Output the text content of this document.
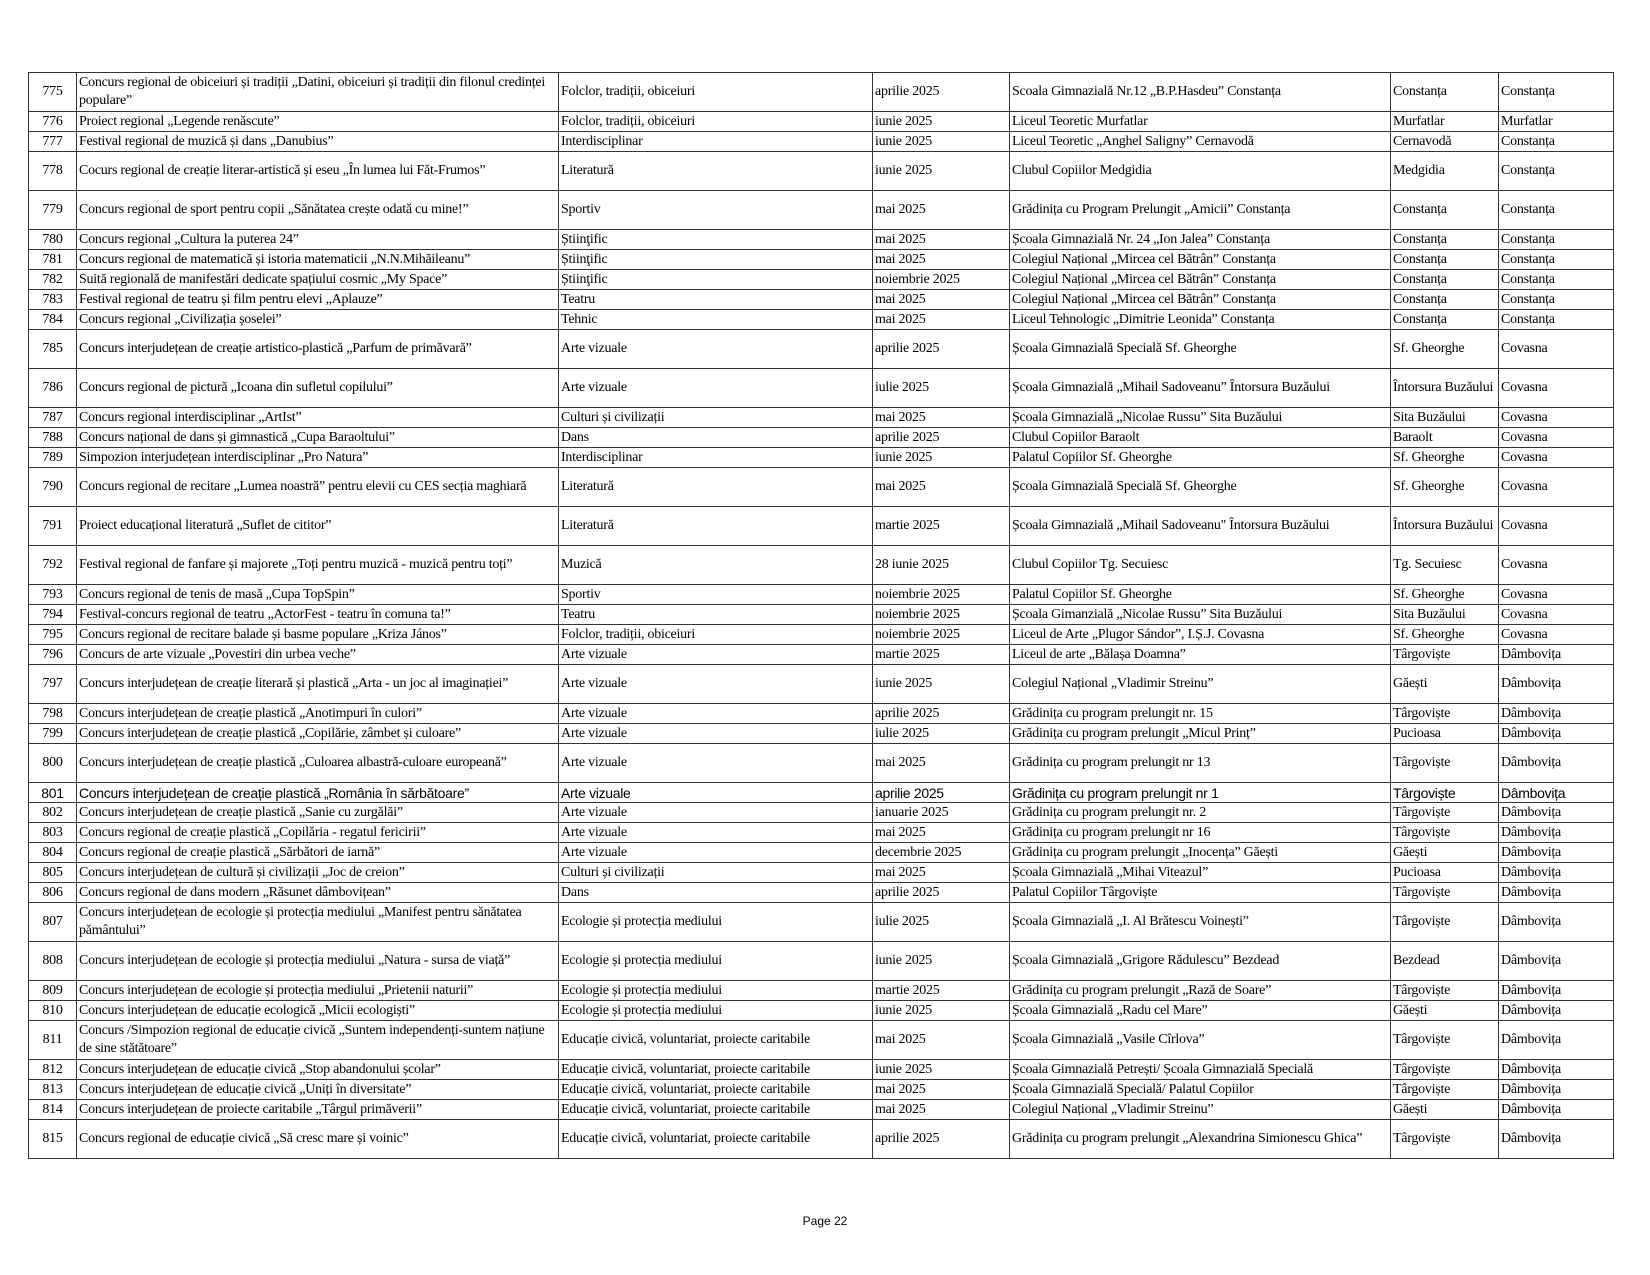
775	Concurs regional de obiceiuri și tradiții „Datini, obiceiuri și tradiții din filonul credinței populare”	Folclor, tradiții, obiceiuri	aprilie 2025	Scoala Gimnazială Nr.12 „B.P.Hasdeu” Constanța	Constanța	Constanța
776	Proiect regional „Legende renăscute”	Folclor, tradiții, obiceiuri	iunie 2025	Liceul Teoretic Murfatlar	Murfatlar	Murfatlar
777	Festival regional de muzică și dans „Danubius”	Interdisciplinar	iunie 2025	Liceul Teoretic „Anghel Saligny” Cernavodă	Cernavodă	Constanța
778	Cocurs regional de creație literar-artistică și eseu „În lumea lui Făt-Frumos”	Literatură	iunie 2025	Clubul Copiilor Medgidia	Medgidia	Constanța
779	Concurs regional de sport pentru copii „Sănătatea crește odată cu mine!”	Sportiv	mai 2025	Grădinița cu Program Prelungit „Amicii” Constanța	Constanța	Constanța
780	Concurs regional „Cultura la puterea 24”	Știinţific	mai 2025	Școala Gimnazială Nr. 24 „Ion Jalea” Constanța	Constanța	Constanța
781	Concurs regional de matematică și istoria matematicii „N.N.Mihăileanu”	Știinţific	mai 2025	Colegiul Național „Mircea cel Bătrân” Constanța	Constanța	Constanța
782	Suită regională de manifestări dedicate spațiului cosmic „My Space”	Știinţific	noiembrie 2025	Colegiul Național „Mircea cel Bătrân” Constanța	Constanța	Constanța
783	Festival regional de teatru și film pentru elevi „Aplauze”	Teatru	mai 2025	Colegiul Național „Mircea cel Bătrân” Constanța	Constanța	Constanța
784	Concurs regional „Civilizația șoselei”	Tehnic	mai 2025	Liceul Tehnologic „Dimitrie Leonida” Constanța	Constanța	Constanța
785	Concurs interjudețean de creație artistico-plastică „Parfum de primăvară”	Arte vizuale	aprilie 2025	Școala Gimnazială Specială Sf. Gheorghe	Sf. Gheorghe	Covasna
786	Concurs regional de pictură „Icoana din sufletul copilului”	Arte vizuale	iulie 2025	Școala Gimnazială „Mihail Sadoveanu” Întorsura Buzăului	Întorsura Buzăului	Covasna
787	Concurs regional interdisciplinar „ArtIst”	Culturi și civilizații	mai 2025	Școala Gimnazială „Nicolae Russu” Sita Buzăului	Sita Buzăului	Covasna
788	Concurs național de dans și gimnastică „Cupa Baraoltului”	Dans	aprilie 2025	Clubul Copiilor Baraolt	Baraolt	Covasna
789	Simpozion interjudețean interdisciplinar „Pro Natura”	Interdisciplinar	iunie 2025	Palatul Copiilor Sf. Gheorghe	Sf. Gheorghe	Covasna
790	Concurs regional de recitare „Lumea noastră” pentru elevii cu CES secția maghiară	Literatură	mai 2025	Școala Gimnazială Specială Sf. Gheorghe	Sf. Gheorghe	Covasna
791	Proiect educațional literatură „Suflet de cititor”	Literatură	martie 2025	Școala Gimnazială „Mihail Sadoveanu" Întorsura Buzăului	Întorsura Buzăului	Covasna
792	Festival regional de fanfare și majorete „Toți pentru muzică - muzică pentru toți”	Muzică	28 iunie 2025	Clubul Copiilor Tg. Secuiesc	Tg. Secuiesc	Covasna
793	Concurs regional de tenis de masă „Cupa TopSpin”	Sportiv	noiembrie 2025	Palatul Copiilor Sf. Gheorghe	Sf. Gheorghe	Covasna
794	Festival-concurs regional de teatru „ActorFest - teatru în comuna ta!”	Teatru	noiembrie 2025	Școala Gimanzială „Nicolae Russu” Sita Buzăului	Sita Buzăului	Covasna
795	Concurs regional de recitare balade și basme populare „Kriza János”	Folclor, tradiții, obiceiuri	noiembrie 2025	Liceul de Arte „Plugor Sándor”, I.Ș.J. Covasna	Sf. Gheorghe	Covasna
796	Concurs de arte vizuale „Povestiri din urbea veche”	Arte vizuale	martie 2025	Liceul de arte „Bălașa Doamna”	Târgoviște	Dâmbovița
797	Concurs interjudețean de creație literară și plastică „Arta - un joc al imaginației”	Arte vizuale	iunie 2025	Colegiul Național „Vladimir Streinu”	Găești	Dâmbovița
798	Concurs interjudețean de creație plastică „Anotimpuri în culori”	Arte vizuale	aprilie 2025	Grădinița cu program prelungit nr. 15	Târgoviște	Dâmbovița
799	Concurs interjudețean de creație plastică „Copilărie, zâmbet și culoare”	Arte vizuale	iulie 2025	Grădinița cu program prelungit „Micul Prinț”	Pucioasa	Dâmbovița
800	Concurs interjudețean de creație plastică „Culoarea albastră-culoare europeană”	Arte vizuale	mai 2025	Grădinița cu program prelungit nr 13	Târgoviște	Dâmbovița
801	Concurs interjudețean de creație plastică „România în sărbătoare”	Arte vizuale	aprilie 2025	Grădinița cu program prelungit nr 1	Târgoviște	Dâmbovița
802	Concurs interjudețean de creație plastică „Sanie cu zurgălăi”	Arte vizuale	ianuarie 2025	Grădinița cu program prelungit nr. 2	Târgoviște	Dâmbovița
803	Concurs regional de creație plastică „Copilăria - regatul fericirii”	Arte vizuale	mai 2025	Grădinița cu program prelungit nr 16	Târgoviște	Dâmbovița
804	Concurs regional de creație plastică „Sărbători de iarnă”	Arte vizuale	decembrie 2025	Grădinița cu program prelungit „Inocența” Găești	Găești	Dâmbovița
805	Concurs interjudețean de cultură și civilizații „Joc de creion”	Culturi și civilizații	mai 2025	Școala Gimnazială „Mihai Viteazul”	Pucioasa	Dâmbovița
806	Concurs regional de dans modern „Răsunet dâmbovițean”	Dans	aprilie 2025	Palatul Copiilor Târgoviște	Târgoviște	Dâmbovița
807	Concurs interjudețean de ecologie și protecția mediului „Manifest pentru sănătatea pământului”	Ecologie și protecția mediului	iulie 2025	Școala Gimnazială „I. Al Brătescu Voinești”	Târgoviște	Dâmbovița
808	Concurs interjudețean de ecologie și protecția mediului „Natura - sursa de viață”	Ecologie și protecția mediului	iunie 2025	Școala Gimnazială „Grigore Rădulescu” Bezdead	Bezdead	Dâmbovița
809	Concurs interjudețean de ecologie și protecția mediului „Prietenii naturii”	Ecologie și protecția mediului	martie 2025	Grădinița cu program prelungit „Rază de Soare”	Târgoviște	Dâmbovița
810	Concurs interjudețean de educație ecologică „Micii ecologiști”	Ecologie și protecția mediului	iunie 2025	Școala Gimnazială „Radu cel Mare”	Găești	Dâmbovița
811	Concurs /Simpozion regional de educație civică „Suntem independenți-suntem națiune de sine stătătoare”	Educație civică, voluntariat, proiecte caritabile	mai 2025	Școala Gimnazială „Vasile Cîrlova”	Târgoviște	Dâmbovița
812	Concurs interjudețean de educație civică „Stop abandonului școlar”	Educație civică, voluntariat, proiecte caritabile	iunie 2025	Școala Gimnazială Petrești/ Școala Gimnazială Specială	Târgoviște	Dâmbovița
813	Concurs interjudețean de educație civică „Uniți în diversitate”	Educație civică, voluntariat, proiecte caritabile	mai 2025	Școala Gimnazială Specială/ Palatul Copiilor	Târgoviște	Dâmbovița
814	Concurs interjudețean de proiecte caritabile „Târgul primăverii”	Educație civică, voluntariat, proiecte caritabile	mai 2025	Colegiul Național „Vladimir Streinu”	Găești	Dâmbovița
815	Concurs regional de educație civică „Să cresc mare și voinic”	Educație civică, voluntariat, proiecte caritabile	aprilie 2025	Grădinița cu program prelungit „Alexandrina Simionescu Ghica”	Târgoviște	Dâmbovița
Page 22
